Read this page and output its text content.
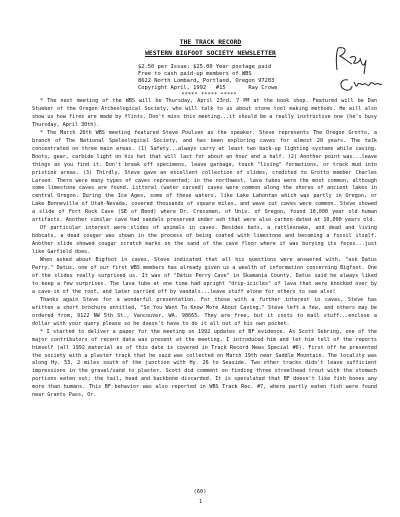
THE TRACK RECORD
WESTERN BIGFOOT SOCIETY NEWSLETTER
$2.50 per Issue; $25.00 Year postage paid
Free to cash paid-up members of WBS
8622 North Lombard, Portland, Oregon 97203
Copyright April, 1992   #15       Ray Crowe

***** ***** *****

* The next meeting of the WBS will be Thursday, April 23rd, 7 PM at the book shop. Featured will be Dan Stueber of the Oregon Archeological Society, who will talk to us about stone tool making methods. He will also show us how fires are made by flints. Don't miss this meeting...it should be a really instructive one (he's busy Thursday, April 30th).

* The March 26th WBS meeting featured Steve Poulsen as the speaker. Steve represents The Oregon Grotto, a branch of The National Speleological Society, and has been exploring caves for almost 20 years. The talk concentrated on three main areas. (1) Safety...always carry at least two back-up lighting systems while caving. Boots, gear, carbide light on his hat that will last for about an hour and a half. (2) Another point was...leave things as you find it. Don't break off specimens, leave garbage, touch "living" formations, or track mud into pristine areas. (3) Thirdly, Steve gave an excellent collection of slides, credited to Grotto member Charles Larsen. There were many types of caves represented; in the northwest, lava tubes were the most common, although some limestone caves are found. Littoral (water carved) caves were common along the shores of ancient lakes in central Oregon. During the Ice Ages, some of these waters, like Lake Lahontan which was partly in Oregon, or Lake Bonneville of Utah-Nevada, covered thousands of square miles, and wave cut caves were common. Steve showed a slide of Fort Rock Cave (SE of Bend) where Dr. Cressman, of Univ. of Oregon, found 10,000 year old human artifacts. Another similar cave had sandals preserved under ash that were also carbon-dated at 10,000 years old.

Of particular interest were slides of animals in caves. Besides bats, a rattlesnake, and dead and living bobcats, a dead cougar was shown in the process of being coated with limestone and becoming a fossil itself. Another slide showed cougar scratch marks on the sand of the cave floor where it was burying its feces...just like Garfield does.

When asked about Bigfoot in caves, Steve indicated that all his questions were answered with, "ask Datus Perry." Datus, one of our first WBS members has already given us a wealth of information concerning Bigfoot. One of the slides really surprised us. It was of "Datus Perry Cave" in Skamania County. Datus said he always liked to keep a few surprises. The lava tube at one time had upright "drip-icicles" of lava that were knocked over by a cave-in of the roof, and later carried off by vandals...leave stuff alone for others to see also!

Thanks again Steve for a wonderful presentation. For those with a further interest in caves, Steve has written a short brochure entitled, "So You Want To Know More About Caving," Steve left a few, and others may be ordered from, 9122 NW 5th St., Vancouver, WA. 98665. They are free, but it costs to mail stuff...enclose a dollar with your query please so he doesn't have to do it all out of his own pocket.

* I started to deliver a paper for the meeting on 1992 updates of BF evidence. As Scott Sebring, one of the major contributors of recent data was present at the meeting, I introduced him and let him tell of the reports himself (all 1992 material as of this date is covered in Track Record News Special #6). First off he presented the society with a plaster track that he said was collected on March 19th near Saddle Mountain. The locality was along Hy. 53, 2 miles south of the junction with Hy. 26 to Seaside. Two other tracks didn't leave sufficient impressions in the gravel/sand to plaster. Scott did comment on finding three streelhead trout with the stomach portions eaten out; the tail, head and backbone discarded. It is speculated that BF doesn't like fish bones any more than humans. This BF behavior was also reported in WBS Track Rec. #7, where partly eaten fish were found near Grants Pass, Or.

(60)
1
